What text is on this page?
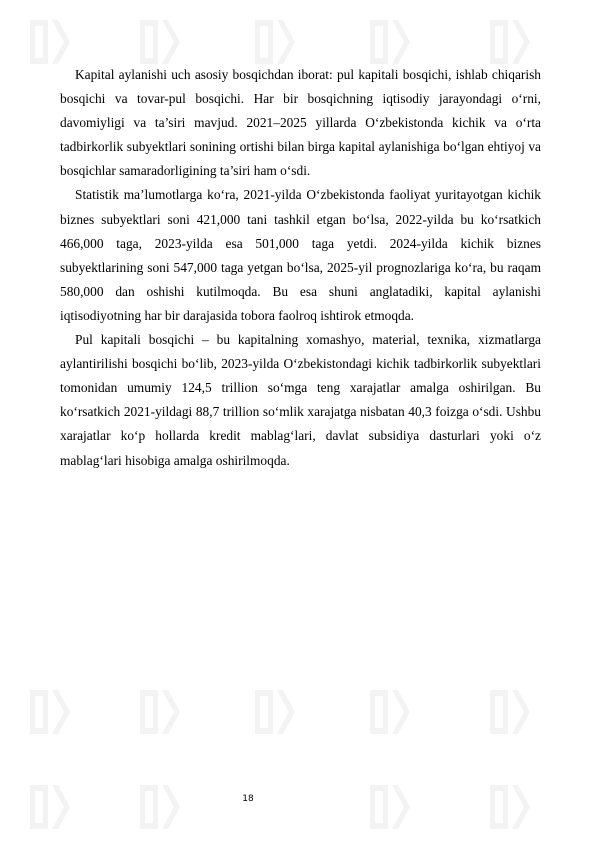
Kapital aylanishi uch asosiy bosqichdan iborat: pul kapitali bosqichi, ishlab chiqarish bosqichi va tovar-pul bosqichi. Har bir bosqichning iqtisodiy jarayondagi o‘rni, davomiyligi va ta’siri mavjud. 2021–2025 yillarda O‘zbekistonda kichik va o‘rta tadbirkorlik subyektlari sonining ortishi bilan birga kapital aylanishiga bo‘lgan ehtiyoj va bosqichlar samaradorligining ta’siri ham o‘sdi.

Statistik ma’lumotlarga ko‘ra, 2021-yilda O‘zbekistonda faoliyat yuritayotgan kichik biznes subyektlari soni 421,000 tani tashkil etgan bo‘lsa, 2022-yilda bu ko‘rsatkich 466,000 taga, 2023-yilda esa 501,000 taga yetdi. 2024-yilda kichik biznes subyektlarining soni 547,000 taga yetgan bo‘lsa, 2025-yil prognozlariga ko‘ra, bu raqam 580,000 dan oshishi kutilmoqda. Bu esa shuni anglatadiki, kapital aylanishi iqtisodiyotning har bir darajasida tobora faolroq ishtirok etmoqda.

Pul kapitali bosqichi – bu kapitalning xomashyo, material, texnika, xizmatlarga aylantirilishi bosqichi bo‘lib, 2023-yilda O‘zbekistondagi kichik tadbirkorlik subyektlari tomonidan umumiy 124,5 trillion so‘mga teng xarajatlar amalga oshirilgan. Bu ko‘rsatkich 2021-yildagi 88,7 trillion so‘mlik xarajatga nisbatan 40,3 foizga o‘sdi. Ushbu xarajatlar ko‘p hollarda kredit mablag‘lari, davlat subsidiya dasturlari yoki o‘z mablag‘lari hisobiga amalga oshirilmoqda.

18
